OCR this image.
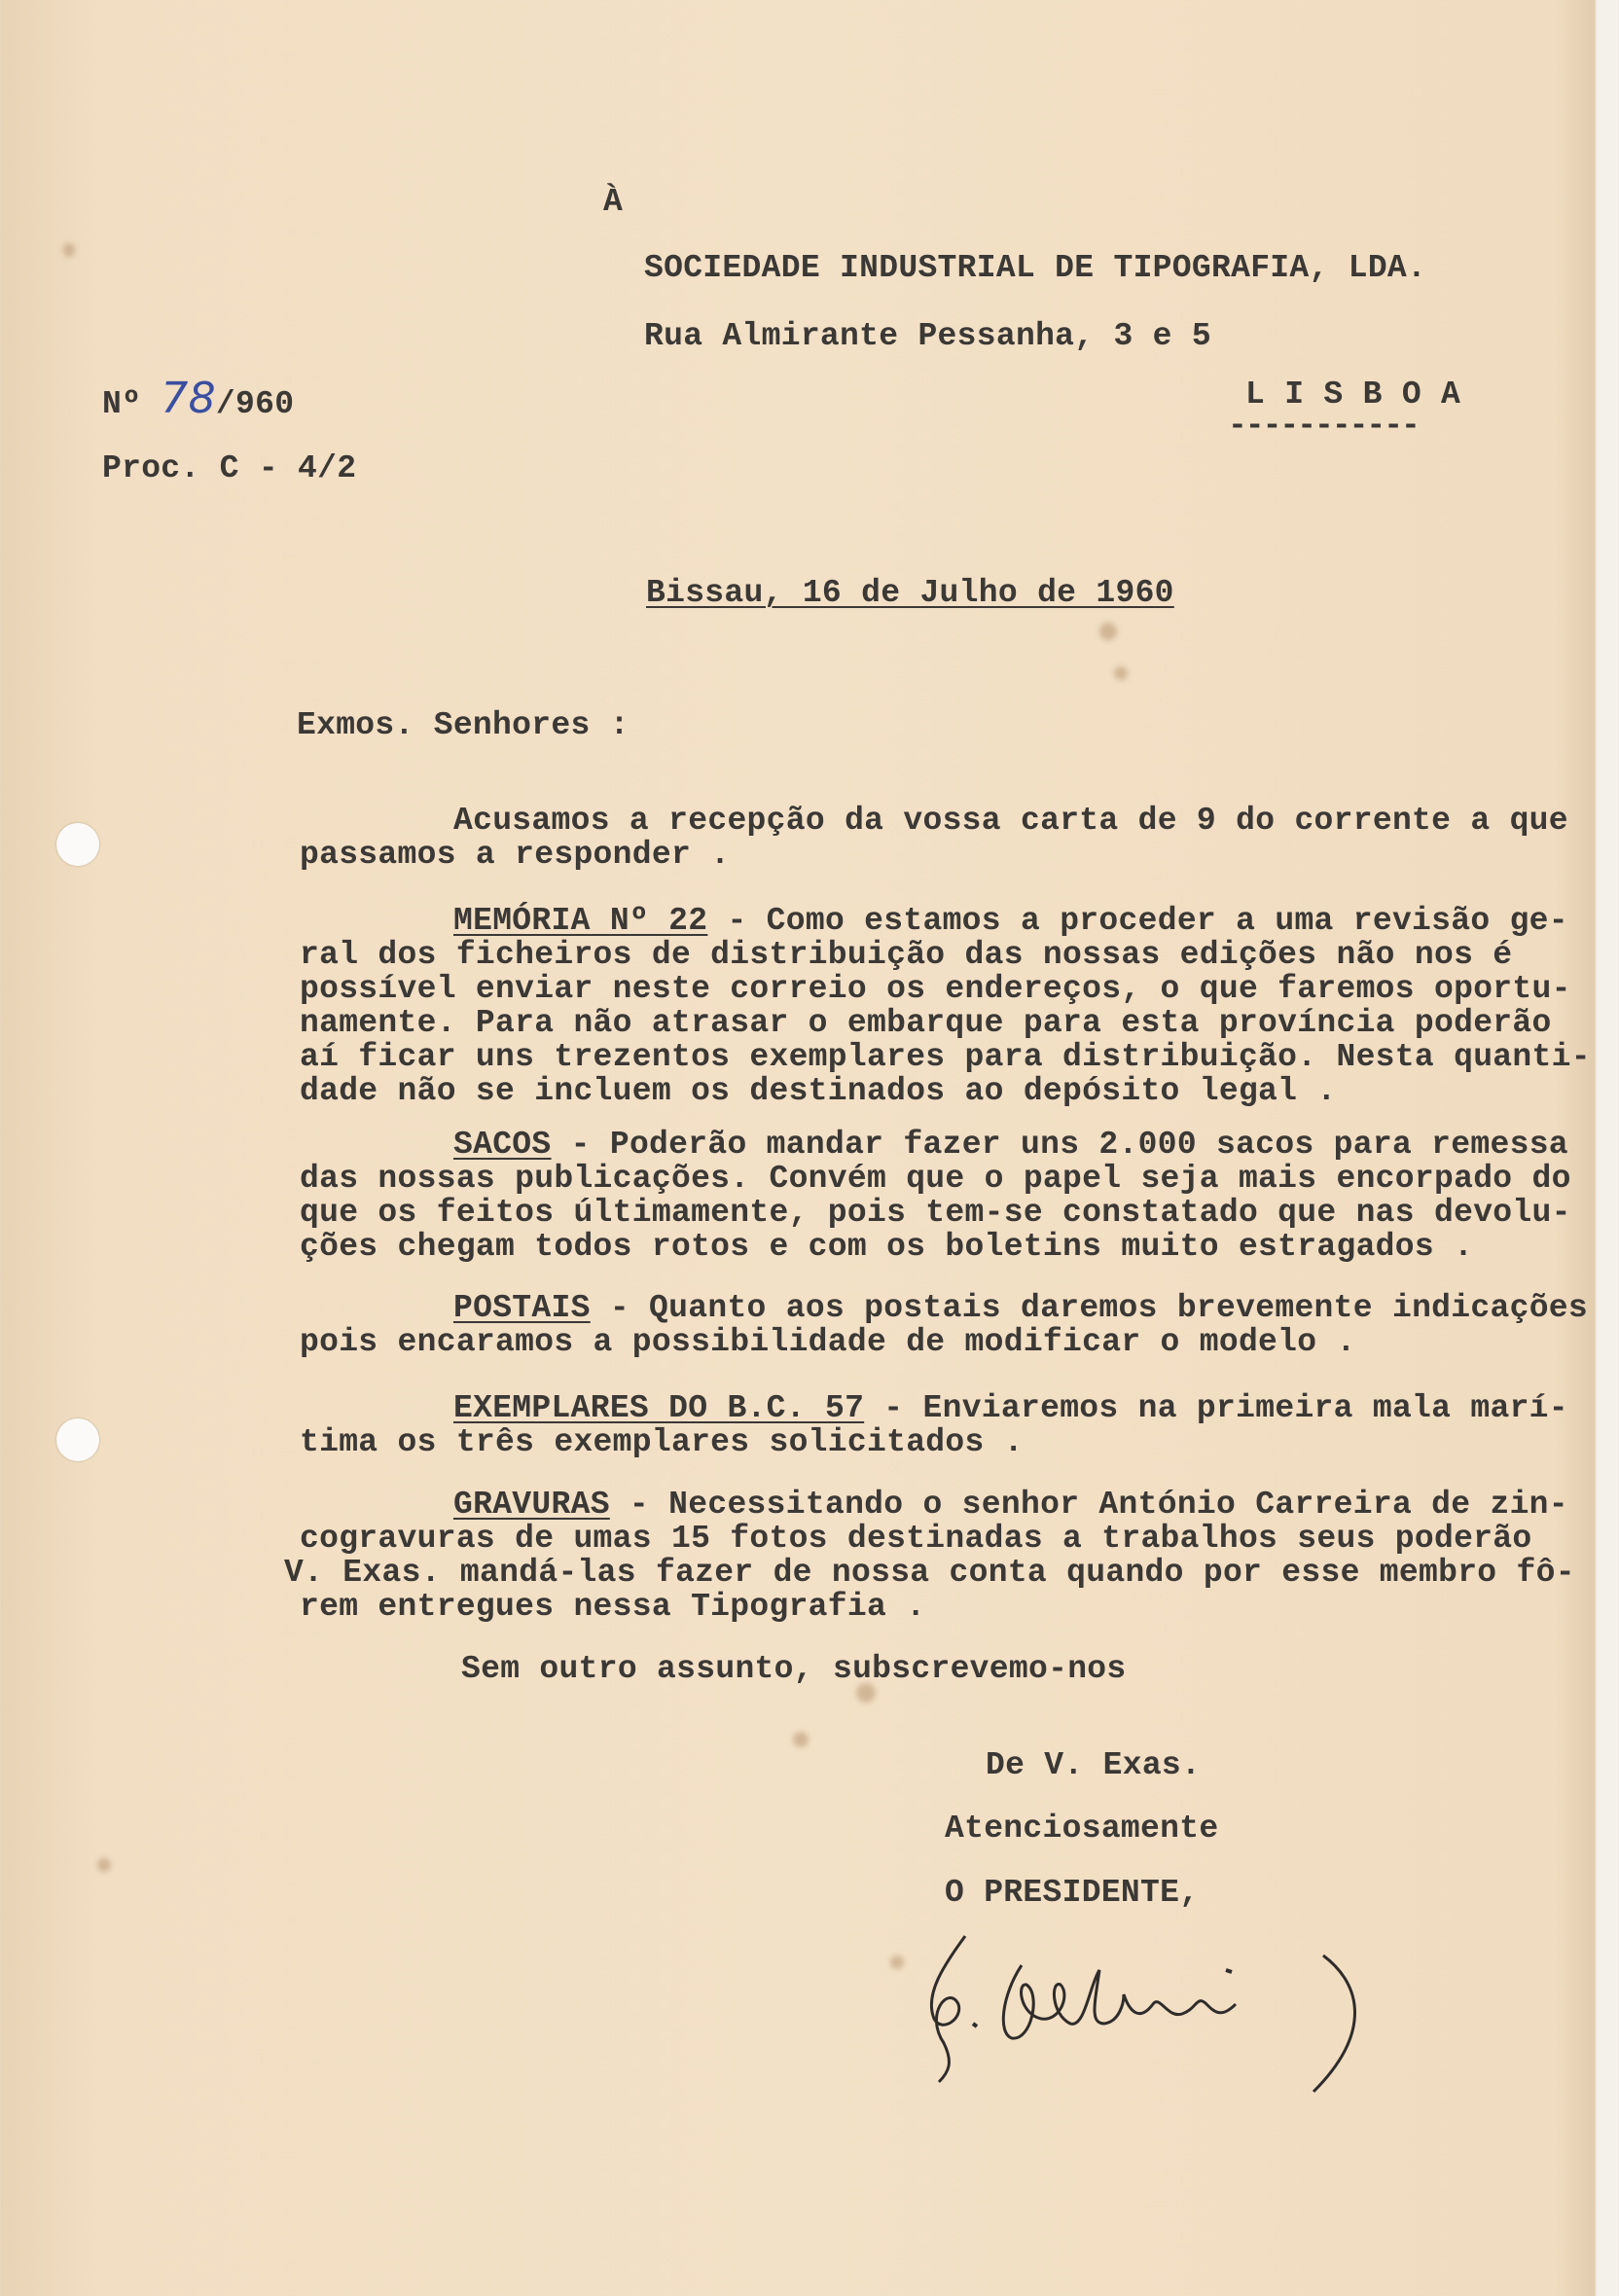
À
SOCIEDADE INDUSTRIAL DE TIPOGRAFIA, LDA.
Rua Almirante Pessanha, 3 e 5
L I S B O A
-----------
Nº 78/960
Proc. C - 4/2
Bissau, 16 de Julho de 1960
Exmos. Senhores :
Acusamos a recepção da vossa carta de 9 do corrente a que
passamos a responder .
MEMÓRIA Nº 22 - Como estamos a proceder a uma revisão ge-
ral dos ficheiros de distribuição das nossas edições não nos é
possível enviar neste correio os endereços, o que faremos oportu-
namente. Para não atrasar o embarque para esta província poderão
aí ficar uns trezentos exemplares para distribuição. Nesta quanti-
dade não se incluem os destinados ao depósito legal .
SACOS - Poderão mandar fazer uns 2.000 sacos para remessa
das nossas publicações. Convém que o papel seja mais encorpado do
que os feitos últimamente, pois tem-se constatado que nas devolu-
ções chegam todos rotos e com os boletins muito estragados .
POSTAIS - Quanto aos postais daremos brevemente indicações
pois encaramos a possibilidade de modificar o modelo .
EXEMPLARES DO B.C. 57 - Enviaremos na primeira mala marí-
tima os três exemplares solicitados .
GRAVURAS - Necessitando o senhor António Carreira de zin-
cogravuras de umas 15 fotos destinadas a trabalhos seus poderão
V. Exas. mandá-las fazer de nossa conta quando por esse membro fô-
rem entregues nessa Tipografia .
Sem outro assunto, subscrevemo-nos
De V. Exas.
Atenciosamente
O PRESIDENTE,
